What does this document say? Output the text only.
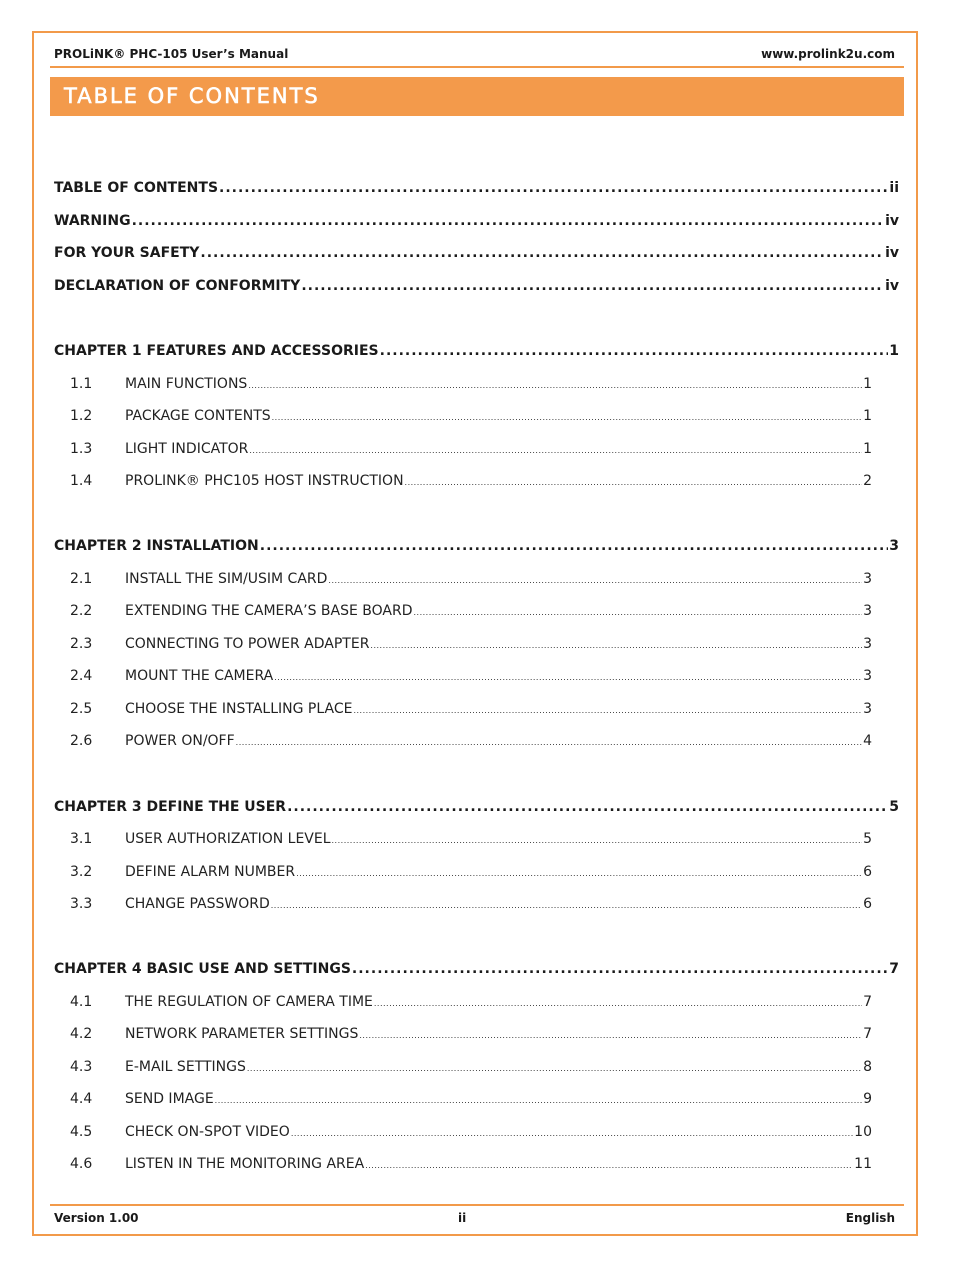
PROLiNK® PHC-105 User’s Manual	www.prolink2u.com
TABLE OF CONTENTS
TABLE OF CONTENTS .....	ii
WARNING .....	iv
FOR YOUR SAFETY .....	iv
DECLARATION OF CONFORMITY .....	iv
CHAPTER 1 FEATURES AND ACCESSORIES .....	1
1.1	MAIN FUNCTIONS .....	1
1.2	PACKAGE CONTENTS .....	1
1.3	LIGHT INDICATOR .....	1
1.4	PROLINK® PHC105 HOST INSTRUCTION .....	2
CHAPTER 2 INSTALLATION .....	3
2.1	INSTALL THE SIM/USIM CARD .....	3
2.2	EXTENDING THE CAMERA’S BASE BOARD .....	3
2.3	CONNECTING TO POWER ADAPTER .....	3
2.4	MOUNT THE CAMERA .....	3
2.5	CHOOSE THE INSTALLING PLACE .....	3
2.6	POWER ON/OFF .....	4
CHAPTER 3 DEFINE THE USER .....	5
3.1	USER AUTHORIZATION LEVEL .....	5
3.2	DEFINE ALARM NUMBER .....	6
3.3	CHANGE PASSWORD .....	6
CHAPTER 4 BASIC USE AND SETTINGS .....	7
4.1	THE REGULATION OF CAMERA TIME .....	7
4.2	NETWORK PARAMETER SETTINGS .....	7
4.3	E-MAIL SETTINGS .....	8
4.4	SEND IMAGE .....	9
4.5	CHECK ON-SPOT VIDEO .....	10
4.6	LISTEN IN THE MONITORING AREA .....	11
Version 1.00	ii	English
